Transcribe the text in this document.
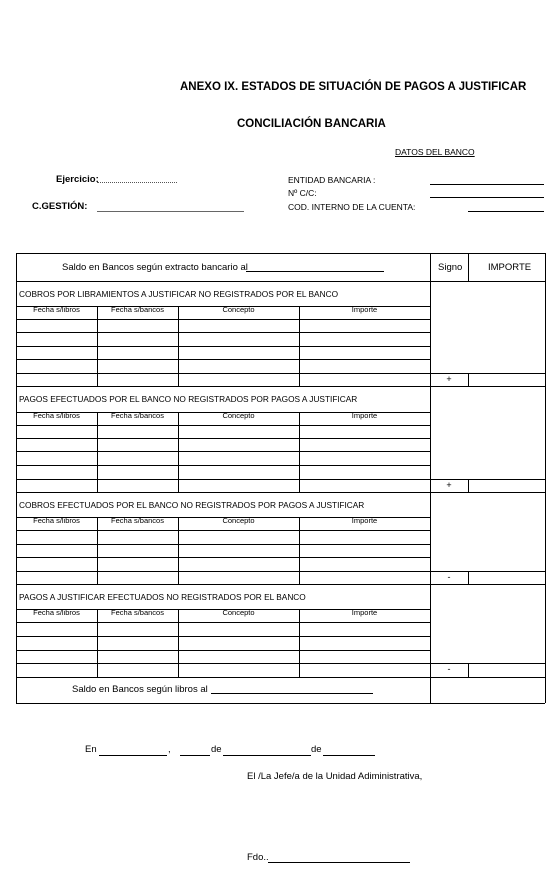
ANEXO IX. ESTADOS DE SITUACIÓN DE PAGOS A JUSTIFICAR
CONCILIACIÓN BANCARIA
DATOS DEL BANCO
Ejercicio:
C.GESTIÓN:
ENTIDAD BANCARIA :
Nº C/C:
COD. INTERNO DE LA CUENTA:
Saldo en Bancos según extracto bancario al	Signo	IMPORTE
COBROS POR LIBRAMIENTOS A JUSTIFICAR NO REGISTRADOS POR EL BANCO
Fecha s/libros	Fecha s/bancos	Concepto	Importe
+
PAGOS EFECTUADOS POR EL BANCO NO REGISTRADOS POR PAGOS A JUSTIFICAR
Fecha s/libros	Fecha s/bancos	Concepto	Importe
+
COBROS EFECTUADOS POR EL BANCO NO REGISTRADOS POR PAGOS A JUSTIFICAR
Fecha s/libros	Fecha s/bancos	Concepto	Importe
-
PAGOS A JUSTIFICAR EFECTUADOS NO REGISTRADOS POR EL BANCO
Fecha s/libros	Fecha s/bancos	Concepto	Importe
-
Saldo en Bancos según libros al
En	,	de	de
El /La Jefe/a de la Unidad Adiministrativa,
Fdo..
